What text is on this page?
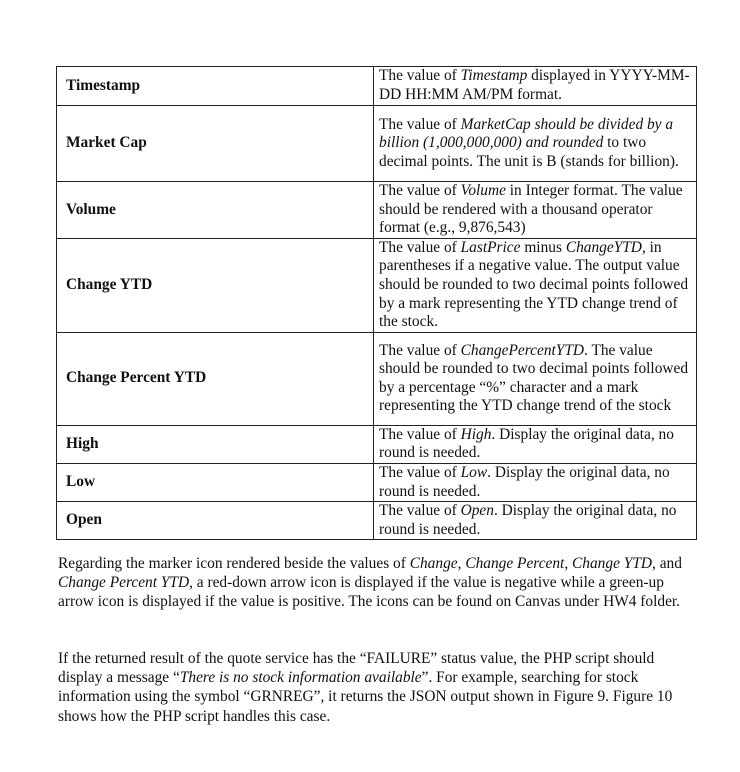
Timestamp	The value of Timestamp displayed in YYYY-MM-DD HH:MM AM/PM format.
Market Cap	The value of MarketCap should be divided by a billion (1,000,000,000) and rounded to two decimal points. The unit is B (stands for billion).
Volume	The value of Volume in Integer format. The value should be rendered with a thousand operator format (e.g., 9,876,543)
Change YTD	The value of LastPrice minus ChangeYTD, in parentheses if a negative value. The output value should be rounded to two decimal points followed by a mark representing the YTD change trend of the stock.
Change Percent YTD	The value of ChangePercentYTD. The value should be rounded to two decimal points followed by a percentage “%” character and a mark representing the YTD change trend of the stock
High	The value of High. Display the original data, no round is needed.
Low	The value of Low. Display the original data, no round is needed.
Open	The value of Open. Display the original data, no round is needed.

Regarding the marker icon rendered beside the values of Change, Change Percent, Change YTD, and Change Percent YTD, a red-down arrow icon is displayed if the value is negative while a green-up arrow icon is displayed if the value is positive. The icons can be found on Canvas under HW4 folder.

If the returned result of the quote service has the “FAILURE” status value, the PHP script should display a message “There is no stock information available”. For example, searching for stock information using the symbol “GRNREG”, it returns the JSON output shown in Figure 9. Figure 10 shows how the PHP script handles this case.
